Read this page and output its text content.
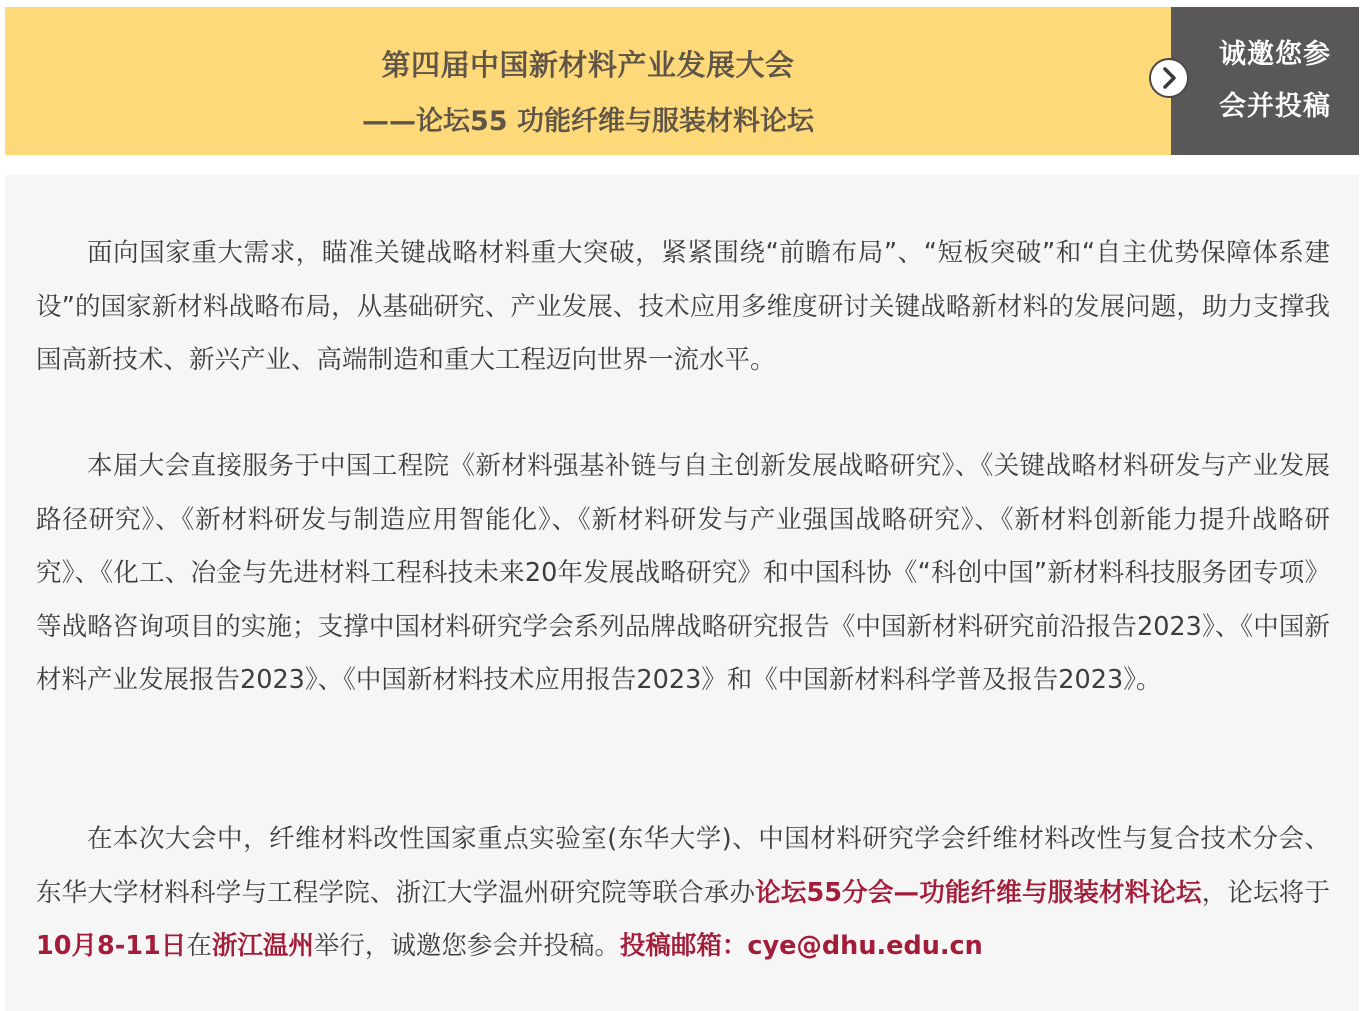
第四届中国新材料产业发展大会
——论坛55 功能纤维与服装材料论坛
诚邀您参
会并投稿

面向国家重大需求，瞄准关键战略材料重大突破，紧紧围绕“前瞻布局”、“短板突破”和“自主优势保障体系建设”的国家新材料战略布局，从基础研究、产业发展、技术应用多维度研讨关键战略新材料的发展问题，助力支撑我国高新技术、新兴产业、高端制造和重大工程迈向世界一流水平。

本届大会直接服务于中国工程院《新材料强基补链与自主创新发展战略研究》、《关键战略材料研发与产业发展路径研究》、《新材料研发与制造应用智能化》、《新材料研发与产业强国战略研究》、《新材料创新能力提升战略研究》、《化工、冶金与先进材料工程科技未来20年发展战略研究》和中国科协《“科创中国”新材料科技服务团专项》等战略咨询项目的实施；支撑中国材料研究学会系列品牌战略研究报告《中国新材料研究前沿报告2023》、《中国新材料产业发展报告2023》、《中国新材料技术应用报告2023》和《中国新材料科学普及报告2023》。

在本次大会中，纤维材料改性国家重点实验室(东华大学)、中国材料研究学会纤维材料改性与复合技术分会、东华大学材料科学与工程学院、浙江大学温州研究院等联合承办论坛55分会—功能纤维与服装材料论坛，论坛将于10月8-11日在浙江温州举行，诚邀您参会并投稿。投稿邮箱：cye@dhu.edu.cn
